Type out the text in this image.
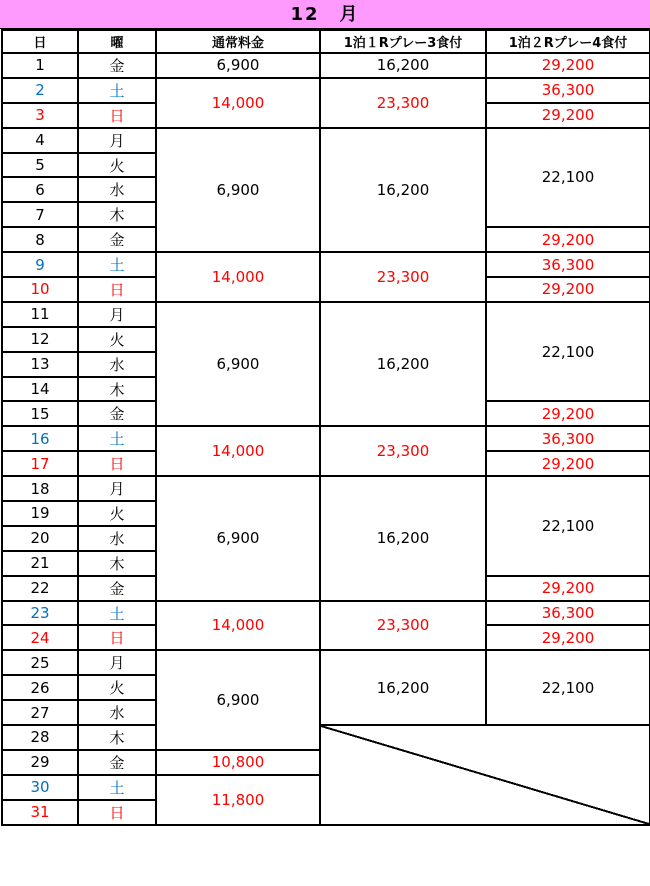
12　月
日	曜	通常料金	1泊１Rプレー3食付	1泊２Rプレー4食付
1	金	6,900	16,200	29,200
2	土	14,000	23,300	36,300
3	日			29,200
4	月	6,900	16,200	22,100
5	火			
6	水			
7	木			
8	金			29,200
9	土	14,000	23,300	36,300
10	日			29,200
11	月	6,900	16,200	22,100
12	火			
13	水			
14	木			
15	金			29,200
16	土	14,000	23,300	36,300
17	日			29,200
18	月	6,900	16,200	22,100
19	火			
20	水			
21	木			
22	金			29,200
23	土	14,000	23,300	36,300
24	日			29,200
25	月	6,900	16,200	22,100
26	火			
27	水			
28	木			
29	金	10,800		
30	土	11,800		
31	日			
